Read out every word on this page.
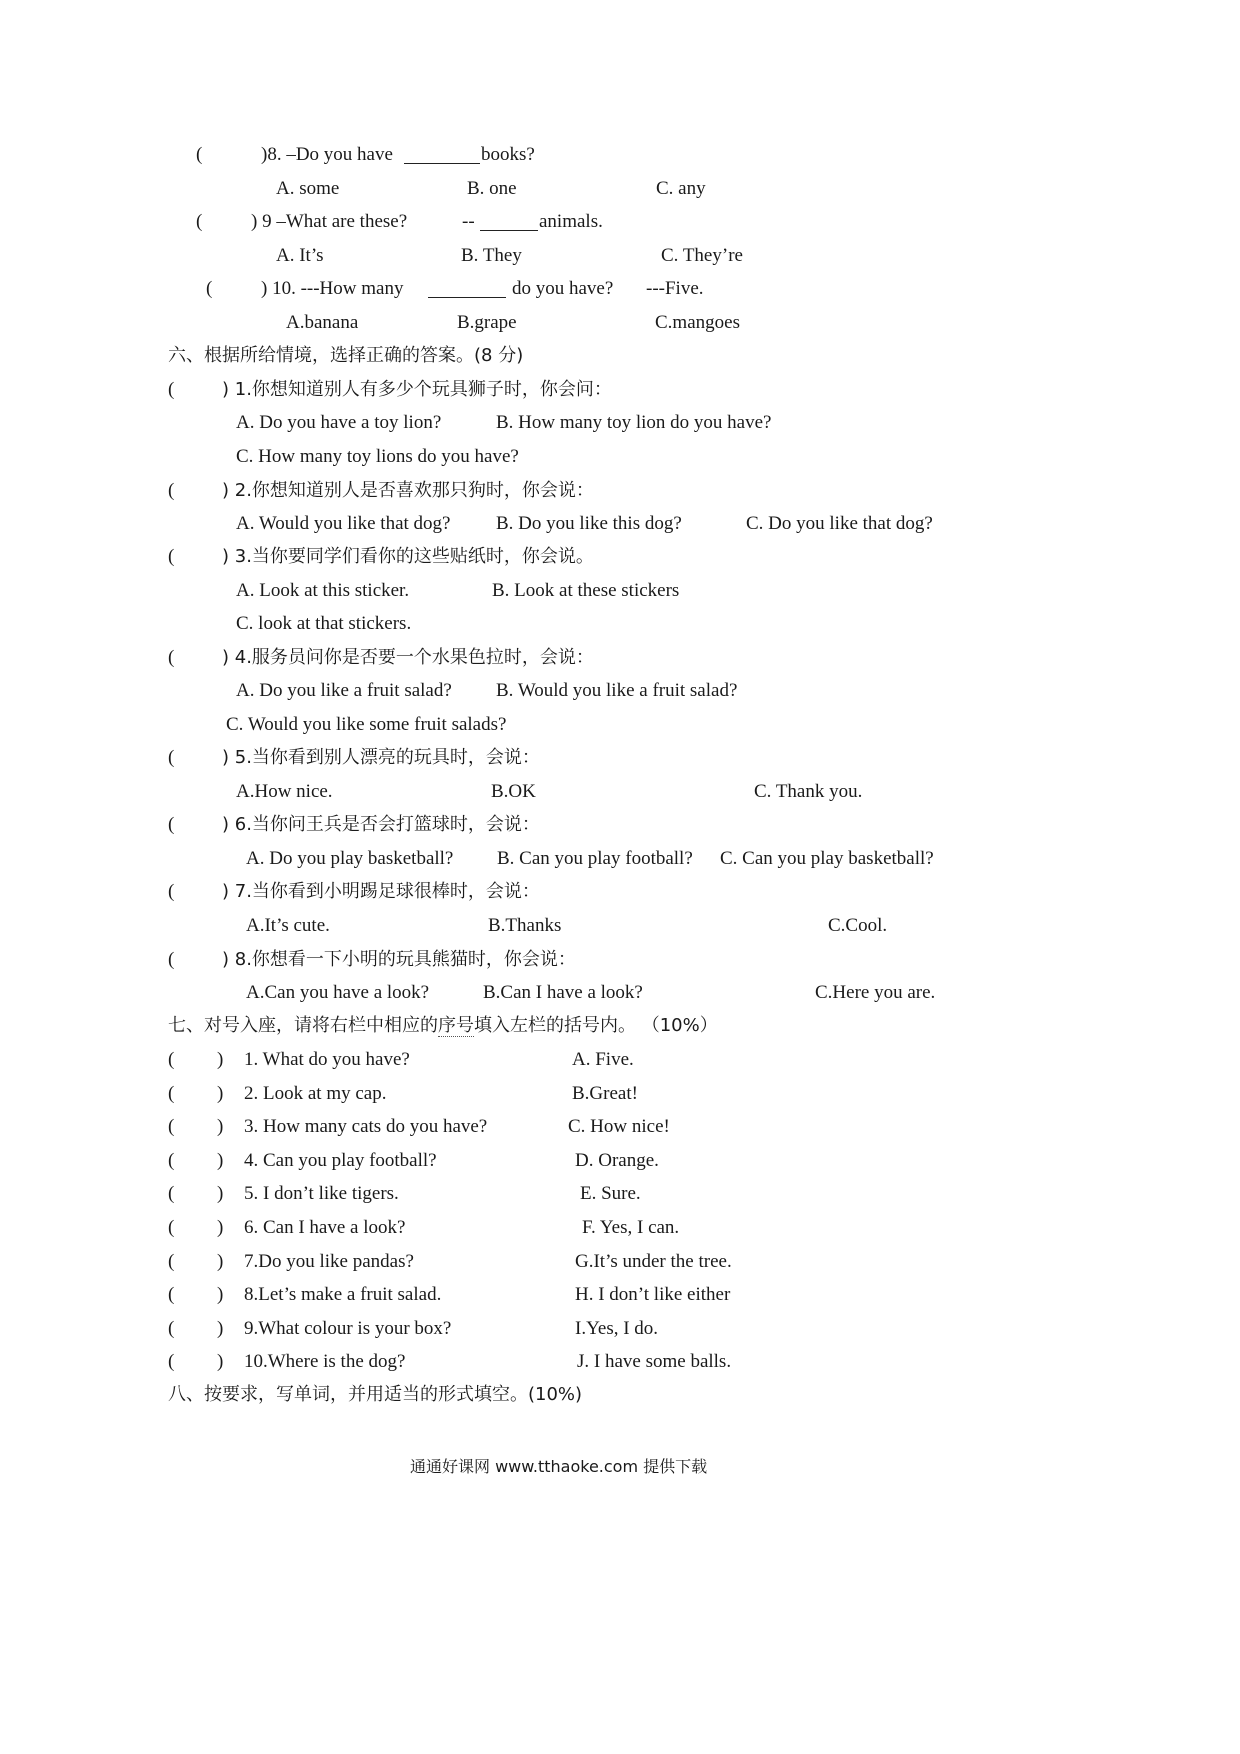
(	)8. –Do you have	books?
A. some	B. one	C. any
(	) 9 –What are these?	--	animals.
A. It’s	B. They	C. They’re
(	) 10. ---How many	do you have? ---Five.
A.banana	B.grape	C.mangoes
六、根据所给情境，选择正确的答案。(8 分)
(	) 1.你想知道别人有多少个玩具狮子时，你会问：
A. Do you have a toy lion?	B. How many toy lion do you have?
C. How many toy lions do you have?
(	) 2.你想知道别人是否喜欢那只狗时，你会说：
A. Would you like that dog? B. Do you like this dog?	C. Do you like that dog?
(	) 3.当你要同学们看你的这些贴纸时，你会说。
A. Look at this sticker.	B. Look at these stickers
C. look at that stickers.
(	) 4.服务员问你是否要一个水果色拉时，会说：
A. Do you like a fruit salad? B. Would you like a fruit salad?
C. Would you like some fruit salads?
(	) 5.当你看到别人漂亮的玩具时，会说：
A.How nice.	B.OK	C. Thank you.
(	) 6.当你问王兵是否会打篮球时，会说：
A. Do you play basketball? B. Can you play football? C. Can you play basketball?
(	) 7.当你看到小明踢足球很棒时，会说：
A.It’s cute.	B.Thanks	C.Cool.
(	) 8.你想看一下小明的玩具熊猫时，你会说：
A.Can you have a look?	B.Can I have a look?	C.Here you are.
七、对号入座，请将右栏中相应的序号填入左栏的括号内。 （10%）
( ) 1. What do you have?	A. Five.
( ) 2. Look at my cap.	B.Great!
( ) 3. How many cats do you have?	C. How nice!
( ) 4. Can you play football?	D. Orange.
( ) 5. I don’t like tigers.	E. Sure.
( ) 6. Can I have a look?	F. Yes, I can.
( ) 7.Do you like pandas?	G.It’s under the tree.
( ) 8.Let’s make a fruit salad.	H. I don’t like either
( ) 9.What colour is your box?	I.Yes, I do.
( ) 10.Where is the dog?	J. I have some balls.
八、按要求，写单词，并用适当的形式填空。(10%)
通通好课网 www.tthaoke.com 提供下载
